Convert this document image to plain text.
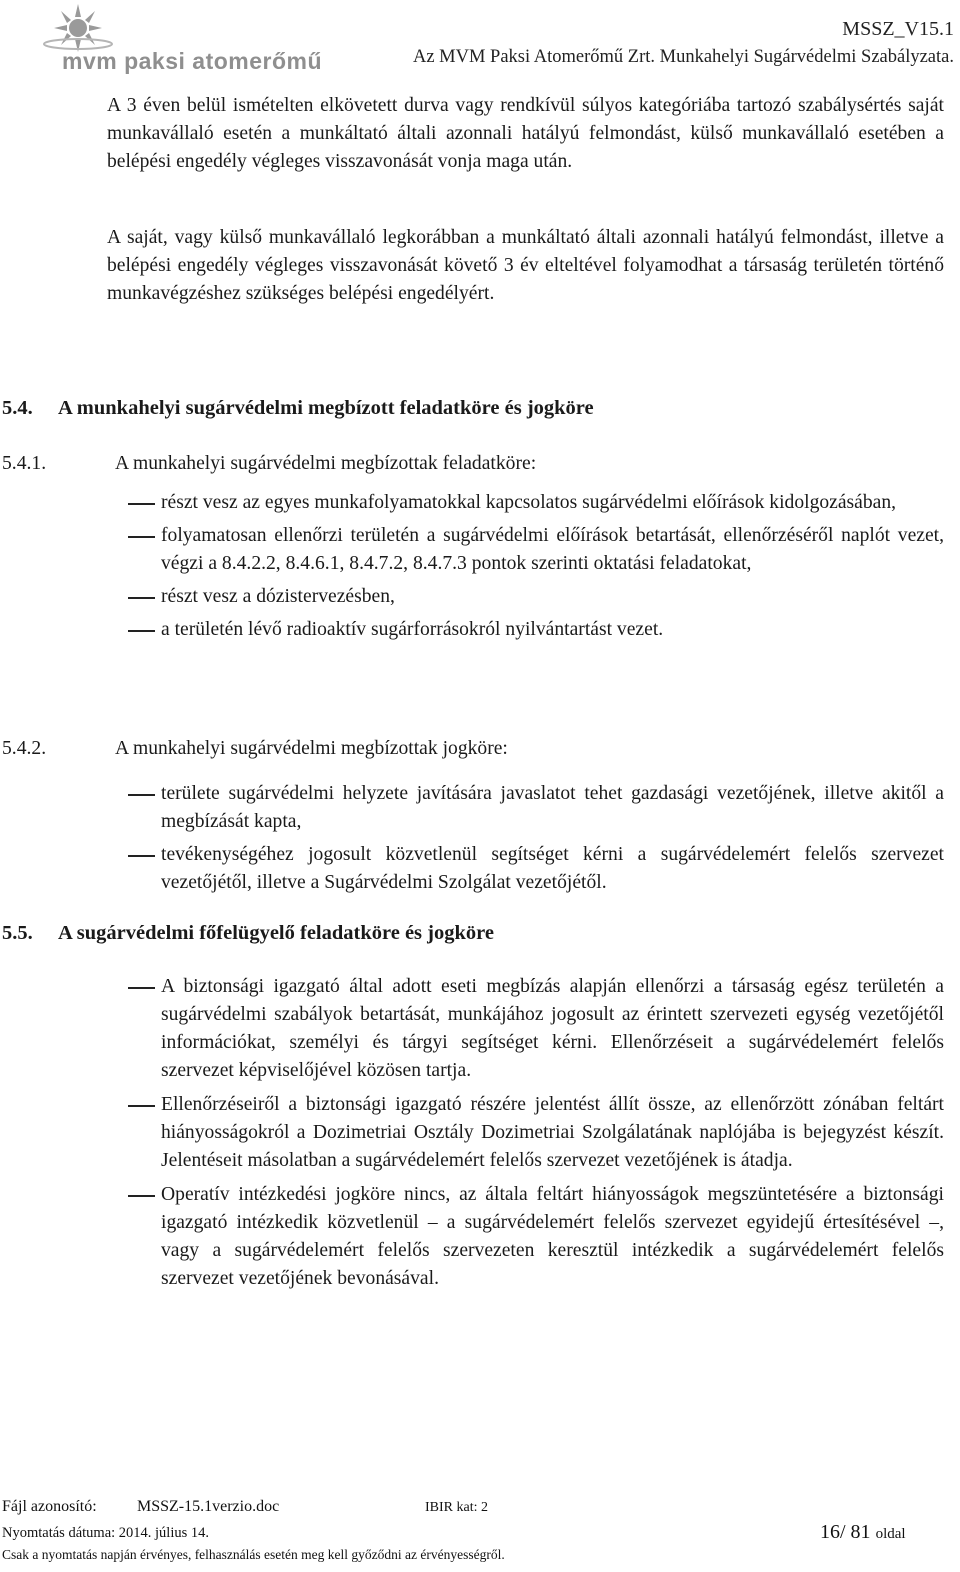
mvm paksi atomerőmű
MSSZ_V15.1
Az MVM Paksi Atomerőmű Zrt. Munkahelyi Sugárvédelmi Szabályzata.

A 3 éven belül ismételten elkövetett durva vagy rendkívül súlyos kategóriába tartozó szabálysértés saját munkavállaló esetén a munkáltató általi azonnali hatályú felmondást, külső munkavállaló esetében a belépési engedély végleges visszavonását vonja maga után.

A saját, vagy külső munkavállaló legkorábban a munkáltató általi azonnali hatályú felmondást, illetve a belépési engedély végleges visszavonását követő 3 év elteltével folyamodhat a társaság területén történő munkavégzéshez szükséges belépési engedélyért.

5.4. A munkahelyi sugárvédelmi megbízott feladatköre és jogköre
5.4.1.	A munkahelyi sugárvédelmi megbízottak feladatköre:
részt vesz az egyes munkafolyamatokkal kapcsolatos sugárvédelmi előírások kidolgozásában,
folyamatosan ellenőrzi területén a sugárvédelmi előírások betartását, ellenőrzéséről naplót vezet, végzi a 8.4.2.2, 8.4.6.1, 8.4.7.2, 8.4.7.3 pontok szerinti oktatási feladatokat,
részt vesz a dózistervezésben,
a területén lévő radioaktív sugárforrásokról nyilvántartást vezet.
5.4.2.	A munkahelyi sugárvédelmi megbízottak jogköre:
területe sugárvédelmi helyzete javítására javaslatot tehet gazdasági vezetőjének, illetve akitől a megbízását kapta,
tevékenységéhez jogosult közvetlenül segítséget kérni a sugárvédelemért felelős szervezet vezetőjétől, illetve a Sugárvédelmi Szolgálat vezetőjétől.
5.5. A sugárvédelmi főfelügyelő feladatköre és jogköre
A biztonsági igazgató által adott eseti megbízás alapján ellenőrzi a társaság egész területén a sugárvédelmi szabályok betartását, munkájához jogosult az érintett szervezeti egység vezetőjétől információkat, személyi és tárgyi segítséget kérni. Ellenőrzéseit a sugárvédelemért felelős szervezet képviselőjével közösen tartja.
Ellenőrzéseiről a biztonsági igazgató részére jelentést állít össze, az ellenőrzött zónában feltárt hiányosságokról a Dozimetriai Osztály Dozimetriai Szolgálatának naplójába is bejegyzést készít. Jelentéseit másolatban a sugárvédelemért felelős szervezet vezetőjének is átadja.
Operatív intézkedési jogköre nincs, az általa feltárt hiányosságok megszüntetésére a biztonsági igazgató intézkedik közvetlenül – a sugárvédelemért felelős szervezet egyidejű értesítésével –, vagy a sugárvédelemért felelős szervezeten keresztül intézkedik a sugárvédelemért felelős szervezet vezetőjének bevonásával.
Fájl azonosító:	MSSZ-15.1verzio.doc	IBIR kat: 2
Nyomtatás dátuma: 2014. július 14.	16/ 81 oldal
Csak a nyomtatás napján érvényes, felhasználás esetén meg kell győződni az érvényességről.
